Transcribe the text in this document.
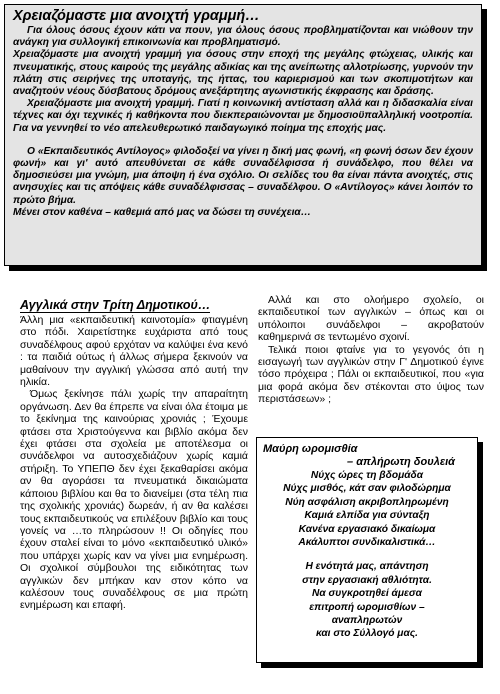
Χρειαζόμαστε μια ανοιχτή γραμμή…

Για όλους όσους έχουν κάτι να πουν, για όλους όσους προβληματίζονται και νιώθουν την ανάγκη για συλλογική επικοινωνία και προβληματισμό.

Χρειαζόμαστε μια ανοιχτή γραμμή για όσους στην εποχή της μεγάλης φτώχειας, υλικής και πνευματικής, στους καιρούς της μεγάλης αδικίας και της ανείπωτης αλλοτρίωσης, γυρνούν την πλάτη στις σειρήνες της υποταγής, της ήττας, του καριερισμού και των σκοπιμοτήτων και αναζητούν νέους δύσβατους δρόμους ανεξάρτητης αγωνιστικής έκφρασης και δράσης.

Χρειαζόμαστε μια ανοιχτή γραμμή. Γιατί η κοινωνική αντίσταση αλλά και η διδασκαλία είναι τέχνες και όχι τεχνικές ή καθήκοντα που διεκπεραιώνονται με δημοσιοϋπαλληλική νοοτροπία. Για να γεννηθεί το νέο απελευθερωτικό παιδαγωγικό ποίημα της εποχής μας.

Ο «Εκπαιδευτικός Αντίλογος» φιλοδοξεί να γίνει η δική μας φωνή, «η φωνή όσων δεν έχουν φωνή» και γι' αυτό απευθύνεται σε κάθε συναδέλφισσα ή συνάδελφο, που θέλει να δημοσιεύσει μια γνώμη, μια άποψη ή ένα σχόλιο. Οι σελίδες του θα είναι πάντα ανοιχτές, στις ανησυχίες και τις απόψεις κάθε συναδέλφισσας – συναδέλφου. Ο «Αντίλογος» κάνει λοιπόν το πρώτο βήμα.

Μένει στον καθένα – καθεμιά από μας να δώσει τη συνέχεια…

Αγγλικά στην Τρίτη Δημοτικού…

Άλλη μια «εκπαιδευτική καινοτομία» φτιαγμένη στο πόδι. Χαιρετίστηκε ευχάριστα από τους συναδέλφους αφού ερχόταν να καλύψει ένα κενό : τα παιδιά ούτως ή άλλως σήμερα ξεκινούν να μαθαίνουν την αγγλική γλώσσα από αυτή την ηλικία.

Όμως ξεκίνησε πάλι χωρίς την απαραίτητη οργάνωση. Δεν θα έπρεπε να είναι όλα έτοιμα με το ξεκίνημα της καινούριας χρονιάς ; Έχουμε φτάσει στα Χριστούγεννα και βιβλίο ακόμα δεν έχει φτάσει στα σχολεία με αποτέλεσμα οι συνάδελφοι να αυτοσχεδιάζουν χωρίς καμιά στήριξη. Το ΥΠΕΠΘ δεν έχει ξεκαθαρίσει ακόμα αν θα αγοράσει τα πνευματικά δικαιώματα κάποιου βιβλίου και θα το διανείμει (στα τέλη πια της σχολικής χρονιάς) δωρεάν, ή αν θα καλέσει τους εκπαιδευτικούς να επιλέξουν βιβλίο και τους γονείς να …το πληρώσουν !! Οι οδηγίες που έχουν σταλεί είναι το μόνο «εκπαιδευτικό υλικό» που υπάρχει χωρίς καν να γίνει μια ενημέρωση. Οι σχολικοί σύμβουλοι της ειδικότητας των αγγλικών δεν μπήκαν καν στον κόπο να καλέσουν τους συναδέλφους σε μια πρώτη ενημέρωση και επαφή.

Αλλά και στο ολοήμερο σχολείο, οι εκπαιδευτικοί των αγγλικών – όπως και οι υπόλοιποι συνάδελφοι – ακροβατούν καθημερινά σε τεντωμένο σχοινί.

Τελικά ποιοι φταίνε για το γεγονός ότι η εισαγωγή των αγγλικών στην Γ' Δημοτικού έγινε τόσο πρόχειρα ; Πάλι οι εκπαιδευτικοί, που «για μια φορά ακόμα δεν στέκονται στο ύψος των περιστάσεων» ;

Μαύρη ωρομισθία

– απλήρωτη δουλειά

Νύχς ώρες τη βδομάδα
Νύχς μισθός, κάτ σαν φιλοδώρημα
Νύη ασφάλιση ακριβοπληρωμένη
Καμιά ελπίδα για σύνταξη
Κανένα εργασιακό δικαίωμα
Ακάλυπτοι συνδικαλιστικά…
Η ενότητά μας, απάντηση
στην εργασιακή αθλιότητα.
Να συγκροτηθεί άμεσα
επιτροπή ωρομισθίων –
αναπληρωτών
και στο Σύλλογό μας.
